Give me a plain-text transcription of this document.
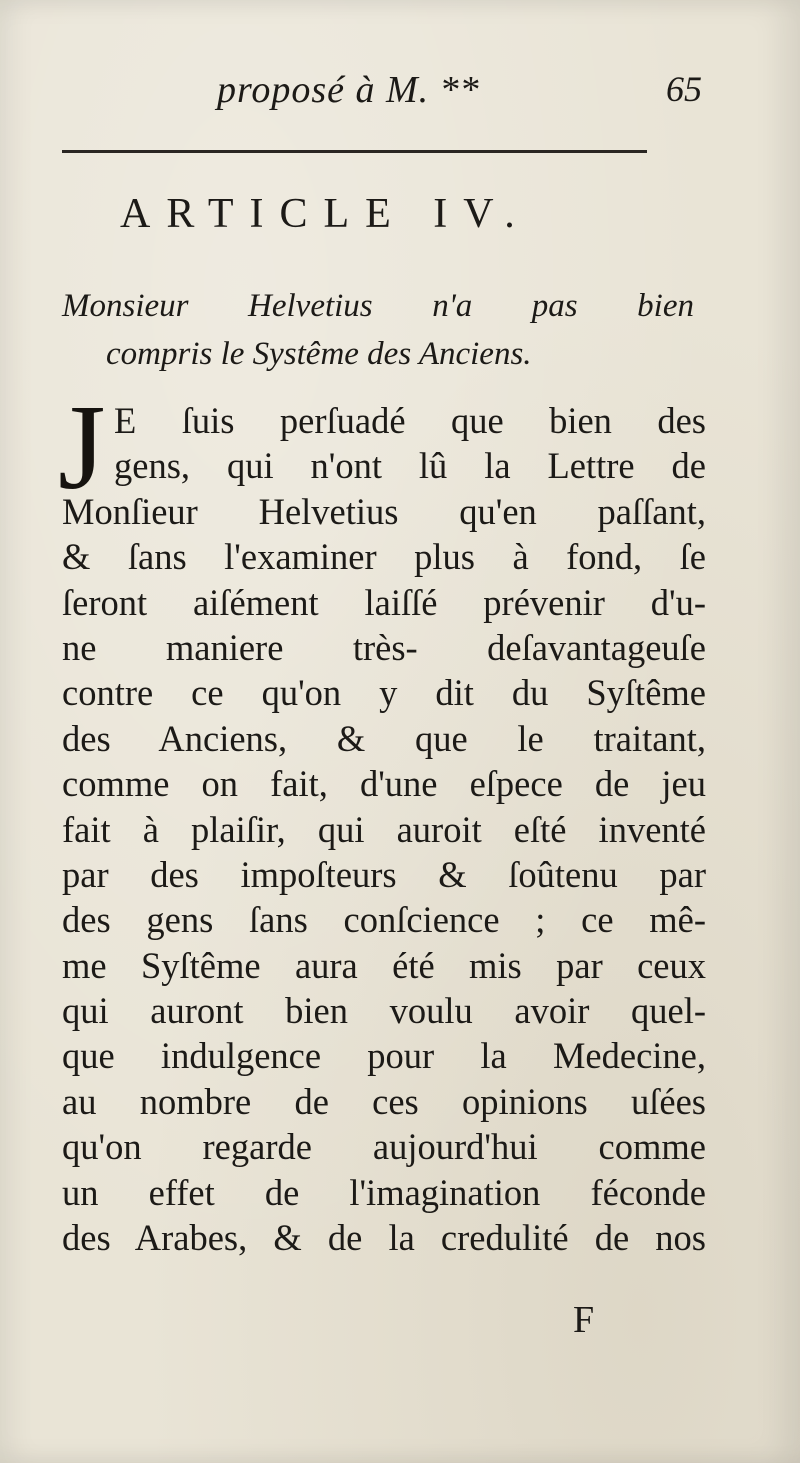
proposé à M. **	65
ARTICLE IV.
Monsieur Helvetius n'a pas bien
compris le Systême des Anciens.
J E ſuis perſuadé que bien des
gens, qui n'ont lû la Lettre de
Monſieur Helvetius qu'en paſſant,
& ſans l'examiner plus à fond, ſe
ſeront aiſément laiſſé prévenir d'u-
ne maniere très- deſavantageuſe
contre ce qu'on y dit du Syſtême
des Anciens, & que le traitant,
comme on fait, d'une eſpece de jeu
fait à plaiſir, qui auroit eſté inventé
par des impoſteurs & ſoûtenu par
des gens ſans conſcience ; ce mê-
me Syſtême aura été mis par ceux
qui auront bien voulu avoir quel-
que indulgence pour la Medecine,
au nombre de ces opinions uſées
qu'on regarde aujourd'hui comme
un effet de l'imagination féconde
des Arabes, & de la credulité de nos
F
